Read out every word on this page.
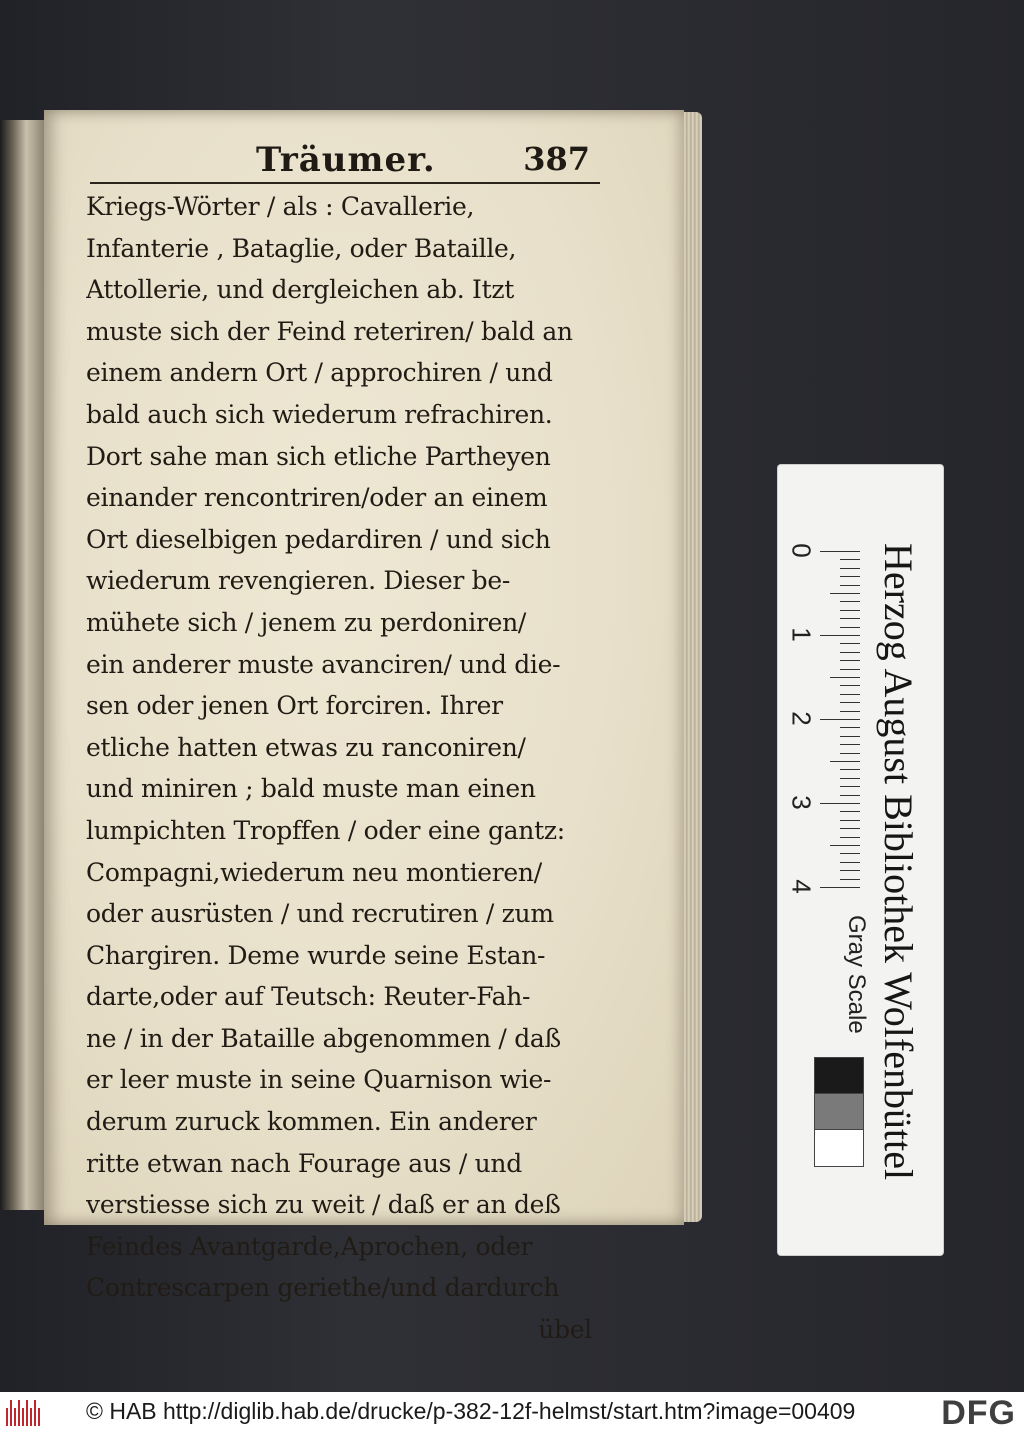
Träumer.	387
Kriegs-Wörter / als : Cavallerie,
Infanterie , Bataglie, oder Bataille,
Attollerie, und dergleichen ab. Itzt
muste sich der Feind reteriren/ bald an
einem andern Ort / approchiren / und
bald auch sich wiederum refrachiren.
Dort sahe man sich etliche Partheyen
einander rencontriren/oder an einem
Ort dieselbigen pedardiren / und sich
wiederum revengieren. Dieser be-
mühete sich / jenem zu perdoniren/
ein anderer muste avanciren/ und die-
sen oder jenen Ort forciren. Ihrer
etliche hatten etwas zu ranconiren/
und miniren ; bald muste man einen
lumpichten Tropffen / oder eine gantz:
Compagni,wiederum neu montieren/
oder ausrüsten / und recrutiren / zum
Chargiren. Deme wurde seine Estan-
darte,oder auf Teutsch: Reuter-Fah-
ne / in der Bataille abgenommen / daß
er leer muste in seine Quarnison wie-
derum zuruck kommen. Ein anderer
ritte etwan nach Fourage aus / und
verstiesse sich zu weit / daß er an deß
Feindes Avantgarde,Aprochen, oder
Contrescarpen geriethe/und dardurch
übel
Herzog August Bibliothek Wolfenbüttel
0
1
2
3
4
Gray Scale
© HAB http://diglib.hab.de/drucke/p-382-12f-helmst/start.htm?image=00409	DFG
